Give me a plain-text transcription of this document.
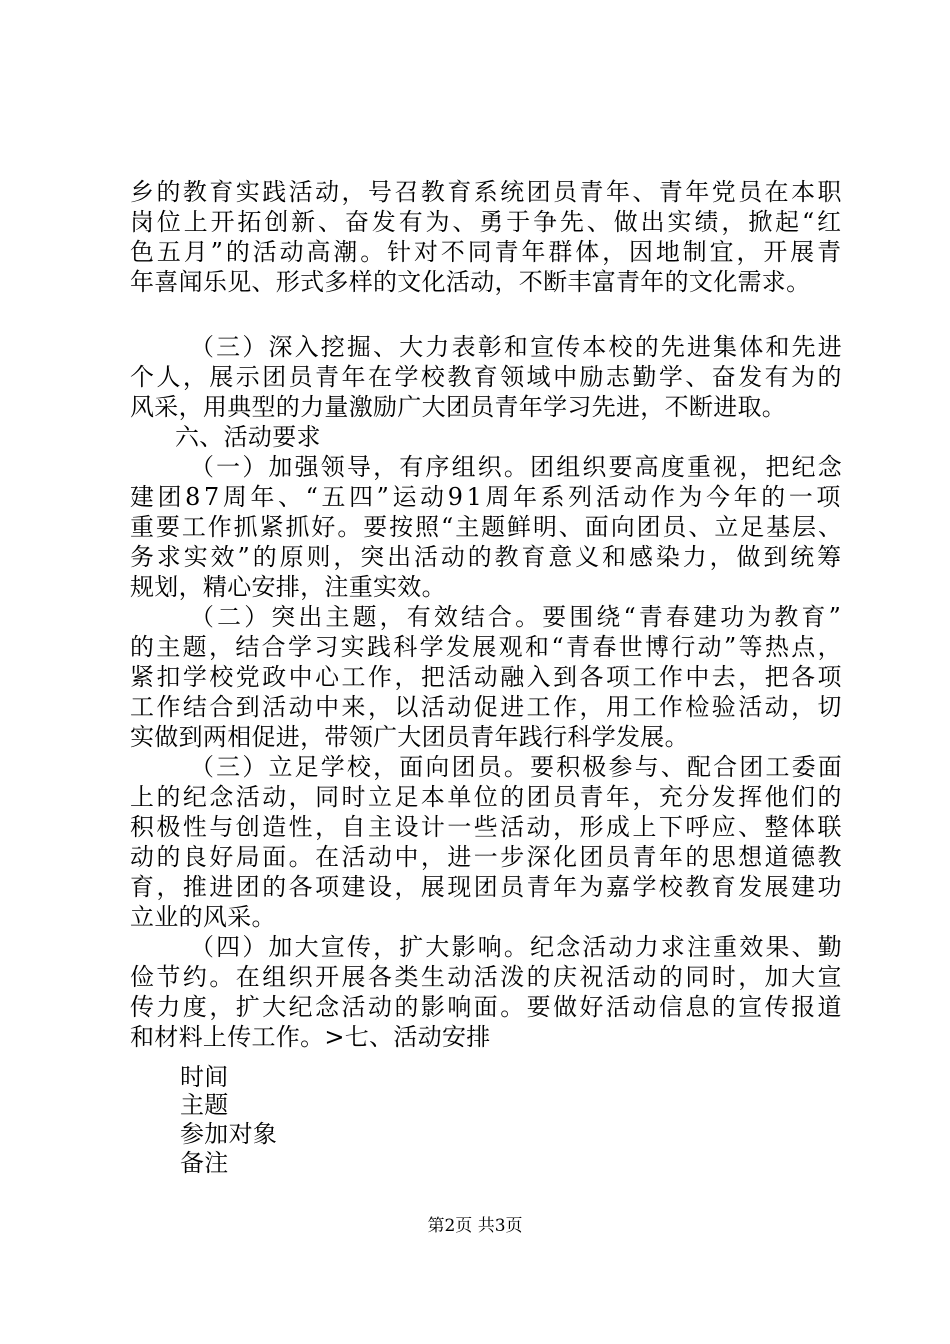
乡的教育实践活动，号召教育系统团员青年、青年党员在本职
岗位上开拓创新、奋发有为、勇于争先、做出实绩，掀起“红
色五月”的活动高潮。针对不同青年群体，因地制宜，开展青
年喜闻乐见、形式多样的文化活动，不断丰富青年的文化需求。
（三）深入挖掘、大力表彰和宣传本校的先进集体和先进
个人，展示团员青年在学校教育领域中励志勤学、奋发有为的
风采，用典型的力量激励广大团员青年学习先进，不断进取。
六、活动要求
（一）加强领导，有序组织。团组织要高度重视，把纪念
建团87周年、“五四”运动91周年系列活动作为今年的一项
重要工作抓紧抓好。要按照“主题鲜明、面向团员、立足基层、
务求实效”的原则，突出活动的教育意义和感染力，做到统筹
规划，精心安排，注重实效。
（二）突出主题，有效结合。要围绕“青春建功为教育”
的主题，结合学习实践科学发展观和“青春世博行动”等热点，
紧扣学校党政中心工作，把活动融入到各项工作中去，把各项
工作结合到活动中来，以活动促进工作，用工作检验活动，切
实做到两相促进，带领广大团员青年践行科学发展。
（三）立足学校，面向团员。要积极参与、配合团工委面
上的纪念活动，同时立足本单位的团员青年，充分发挥他们的
积极性与创造性，自主设计一些活动，形成上下呼应、整体联
动的良好局面。在活动中，进一步深化团员青年的思想道德教
育，推进团的各项建设，展现团员青年为嘉学校教育发展建功
立业的风采。
（四）加大宣传，扩大影响。纪念活动力求注重效果、勤
俭节约。在组织开展各类生动活泼的庆祝活动的同时，加大宣
传力度，扩大纪念活动的影响面。要做好活动信息的宣传报道
和材料上传工作。>七、活动安排
时间
主题
参加对象
备注
第2页 共3页
